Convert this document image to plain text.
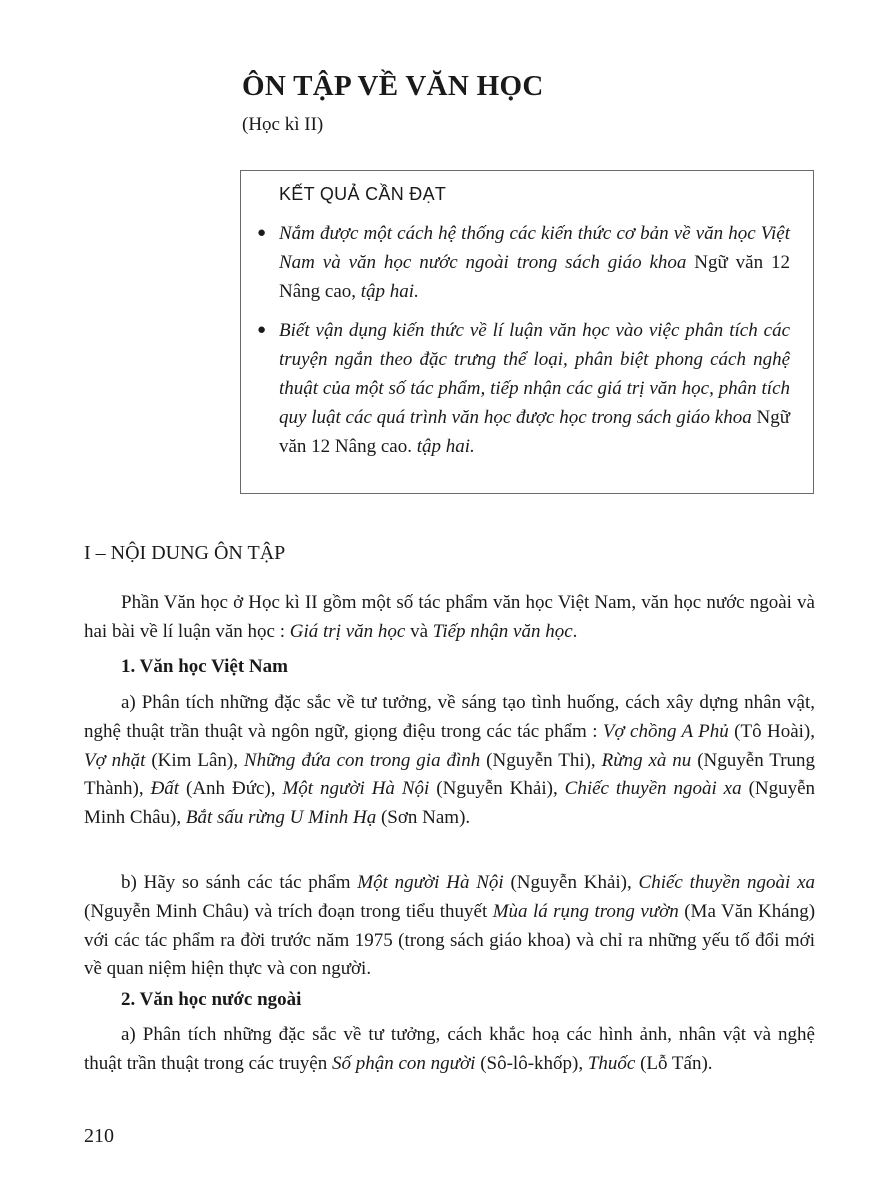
ÔN TẬP VỀ VĂN HỌC
(Học kì II)
KẾT QUẢ CẦN ĐẠT
● Nắm được một cách hệ thống các kiến thức cơ bản về văn học Việt Nam và văn học nước ngoài trong sách giáo khoa Ngữ văn 12 Nâng cao, tập hai.
● Biết vận dụng kiến thức về lí luận văn học vào việc phân tích các truyện ngắn theo đặc trưng thể loại, phân biệt phong cách nghệ thuật của một số tác phẩm, tiếp nhận các giá trị văn học, phân tích quy luật các quá trình văn học được học trong sách giáo khoa Ngữ văn 12 Nâng cao. tập hai.
I – NỘI DUNG ÔN TẬP

Phần Văn học ở Học kì II gồm một số tác phẩm văn học Việt Nam, văn học nước ngoài và hai bài về lí luận văn học : Giá trị văn học và Tiếp nhận văn học.

1. Văn học Việt Nam

a) Phân tích những đặc sắc về tư tưởng, về sáng tạo tình huống, cách xây dựng nhân vật, nghệ thuật trần thuật và ngôn ngữ, giọng điệu trong các tác phẩm : Vợ chồng A Phủ (Tô Hoài), Vợ nhặt (Kim Lân), Những đứa con trong gia đình (Nguyễn Thi), Rừng xà nu (Nguyễn Trung Thành), Đất (Anh Đức), Một người Hà Nội (Nguyễn Khải), Chiếc thuyền ngoài xa (Nguyễn Minh Châu), Bắt sấu rừng U Minh Hạ (Sơn Nam).

b) Hãy so sánh các tác phẩm Một người Hà Nội (Nguyễn Khải), Chiếc thuyền ngoài xa (Nguyễn Minh Châu) và trích đoạn trong tiểu thuyết Mùa lá rụng trong vườn (Ma Văn Kháng) với các tác phẩm ra đời trước năm 1975 (trong sách giáo khoa) và chỉ ra những yếu tố đổi mới về quan niệm hiện thực và con người.

2. Văn học nước ngoài

a) Phân tích những đặc sắc về tư tưởng, cách khắc hoạ các hình ảnh, nhân vật và nghệ thuật trần thuật trong các truyện Số phận con người (Sô-lô-khốp), Thuốc (Lỗ Tấn).

210
